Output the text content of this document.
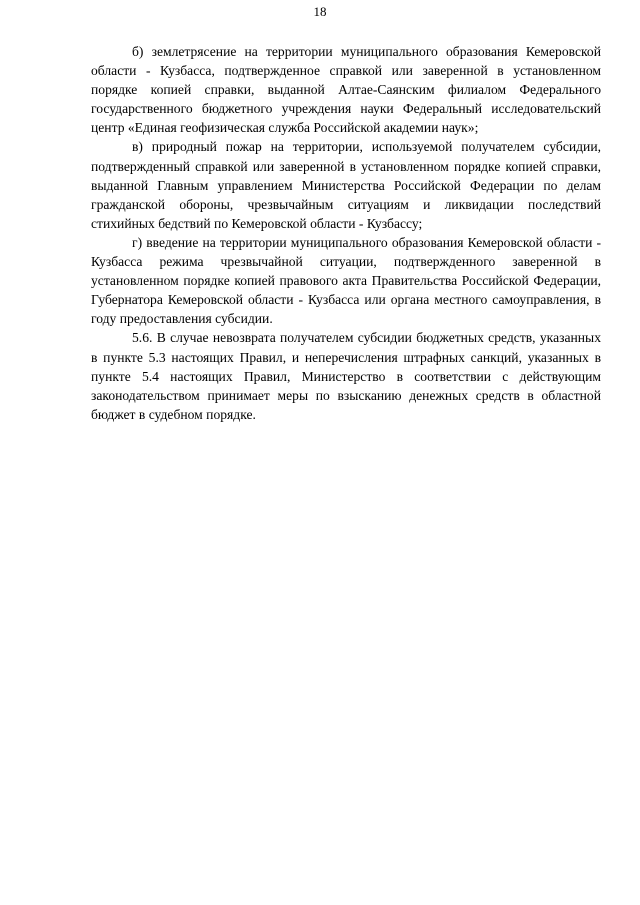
18

б) землетрясение на территории муниципального образования Кемеровской области - Кузбасса, подтвержденное справкой или заверенной в установленном порядке копией справки, выданной Алтае-Саянским филиалом Федерального государственного бюджетного учреждения науки Федеральный исследовательский центр «Единая геофизическая служба Российской академии наук»;

в) природный пожар на территории, используемой получателем субсидии, подтвержденный справкой или заверенной в установленном порядке копией справки, выданной Главным управлением Министерства Российской Федерации по делам гражданской обороны, чрезвычайным ситуациям и ликвидации последствий стихийных бедствий по Кемеровской области - Кузбассу;

г) введение на территории муниципального образования Кемеровской области - Кузбасса режима чрезвычайной ситуации, подтвержденного заверенной в установленном порядке копией правового акта Правительства Российской Федерации, Губернатора Кемеровской области - Кузбасса или органа местного самоуправления, в году предоставления субсидии.

5.6. В случае невозврата получателем субсидии бюджетных средств, указанных в пункте 5.3 настоящих Правил, и неперечисления штрафных санкций, указанных в пункте 5.4 настоящих Правил, Министерство в соответствии с действующим законодательством принимает меры по взысканию денежных средств в областной бюджет в судебном порядке.
